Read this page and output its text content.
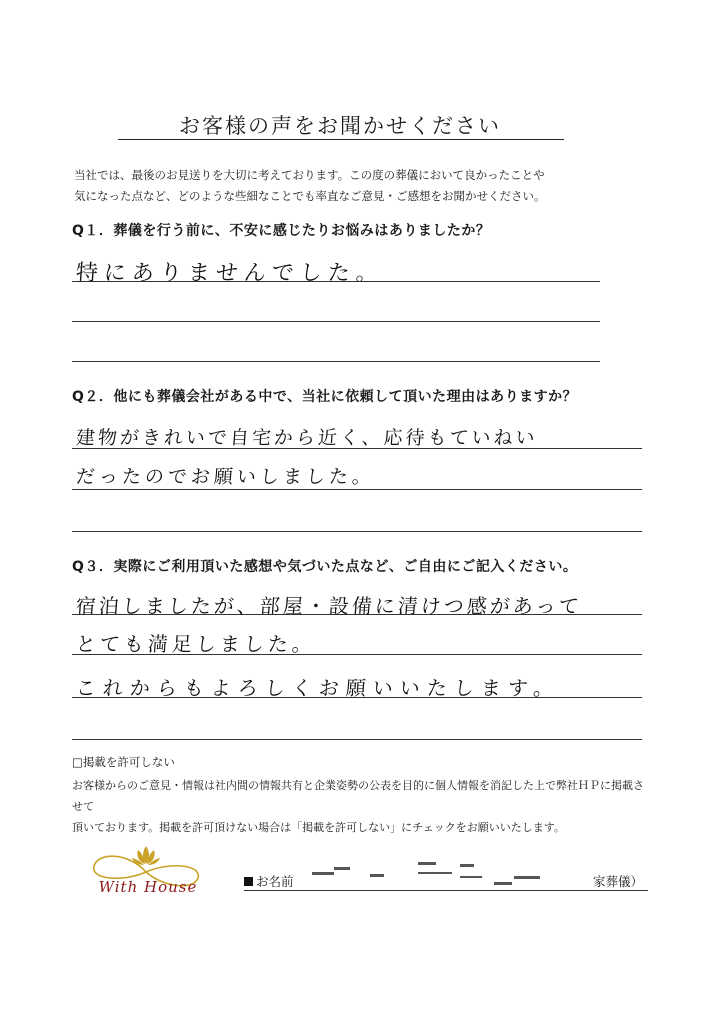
お客様の声をお聞かせください
当社では、最後のお見送りを大切に考えております。この度の葬儀において良かったことや
気になった点など、どのような些細なことでも率直なご意見・ご感想をお聞かせください。
Q１．葬儀を行う前に、不安に感じたりお悩みはありましたか？
特にありませんでした。
Q２．他にも葬儀会社がある中で、当社に依頼して頂いた理由はありますか？
建物がきれいで自宅から近く、応待もていねい
だったのでお願いしました。
Q３．実際にご利用頂いた感想や気づいた点など、ご自由にご記入ください。
宿泊しましたが、部屋・設備に清けつ感があって
とても満足しました。
これからもよろしくお願いいたします。
□掲載を許可しない
お客様からのご意見・情報は社内間の情報共有と企業姿勢の公表を目的に個人情報を消記した上で弊社ＨＰに掲載させて
頂いております。掲載を許可頂けない場合は「掲載を許可しない」にチェックをお願いいたします。
With House	お名前	家葬儀）
